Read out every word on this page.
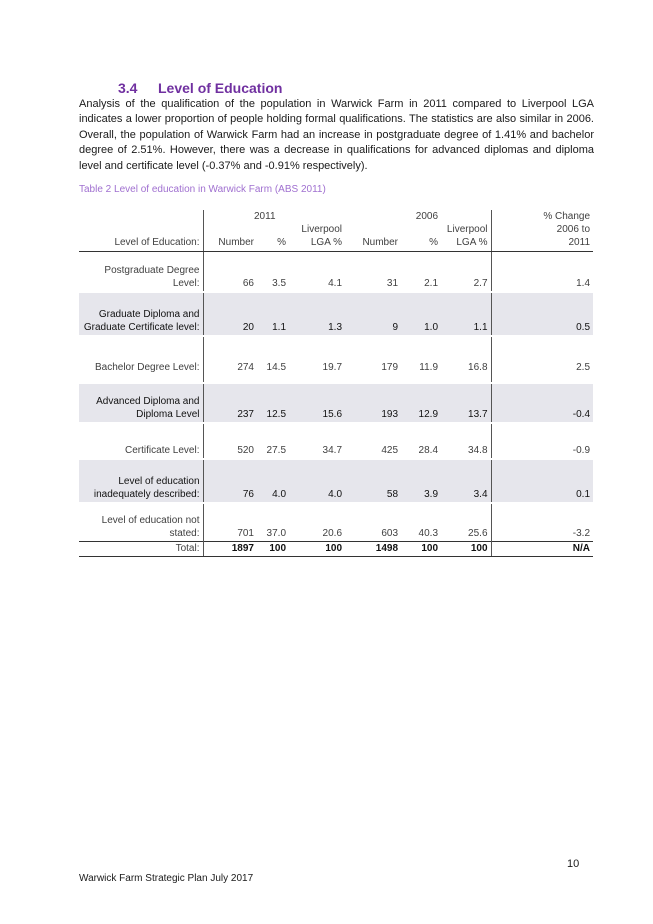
3.4 Level of Education
Analysis of the qualification of the population in Warwick Farm in 2011 compared to Liverpool LGA indicates a lower proportion of people holding formal qualifications. The statistics are also similar in 2006. Overall, the population of Warwick Farm had an increase in postgraduate degree of 1.41% and bachelor degree of 2.51%. However, there was a decrease in qualifications for advanced diplomas and diploma level and certificate level (-0.37% and -0.91% respectively).
Table 2 Level of education in Warwick Farm (ABS 2011)
	2011			2006			% Change
			Liverpool			Liverpool	2006 to
Level of Education:	Number	%	LGA %	Number	%	LGA %	2011

Postgraduate Degree Level:	66	3.5	4.1	31	2.1	2.7	1.4
Graduate Diploma and Graduate Certificate level:	20	1.1	1.3	9	1.0	1.1	0.5

Bachelor Degree Level:	274	14.5	19.7	179	11.9	16.8	2.5

Advanced Diploma and Diploma Level	237	12.5	15.6	193	12.9	13.7	-0.4

Certificate Level:	520	27.5	34.7	425	28.4	34.8	-0.9
Level of education inadequately described:	76	4.0	4.0	58	3.9	3.4	0.1

Level of education not stated:	701	37.0	20.6	603	40.3	25.6	-3.2
Total:	1897	100	100	1498	100	100	N/A
10
Warwick Farm Strategic Plan July 2017
